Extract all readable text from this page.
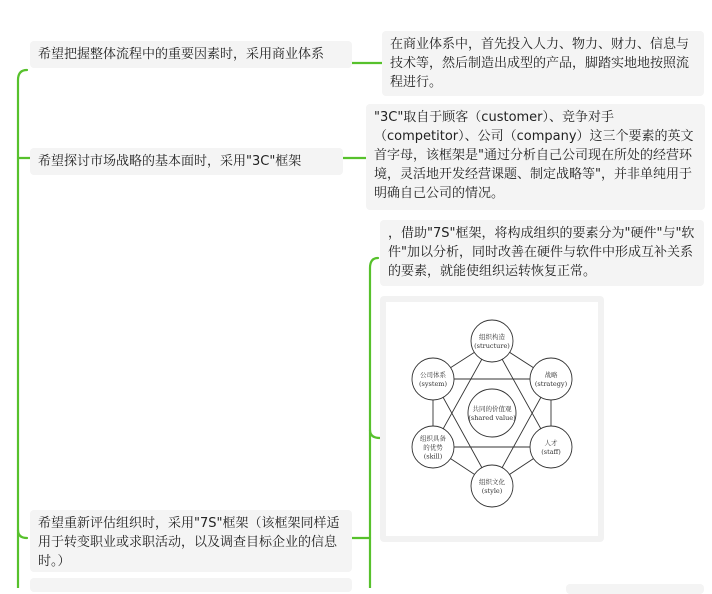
希望把握整体流程中的重要因素时，采用商业体系
在商业体系中，首先投入人力、物力、财力、信息与技术等，然后制造出成型的产品，脚踏实地地按照流程进行。
希望探讨市场战略的基本面时，采用"3C"框架
"3C"取自于顾客（customer）、竞争对手（competitor）、公司（company）这三个要素的英文首字母，该框架是"通过分析自己公司现在所处的经营环境，灵活地开发经营课题、制定战略等"，并非单纯用于明确自己公司的情况。
希望重新评估组织时，采用"7S"框架（该框架同样适用于转变职业或求职活动，以及调查目标企业的信息时。）
，借助"7S"框架，将构成组织的要素分为"硬件"与"软件"加以分析，同时改善在硬件与软件中形成互补关系的要素，就能使组织运转恢复正常。
共同的价值观
(shared value)
组织构造
(structure)
战略
(strategy)
人才
(staff)
组织文化
(style)
组织具备
的优势
(skill)
公司体系
(system)
